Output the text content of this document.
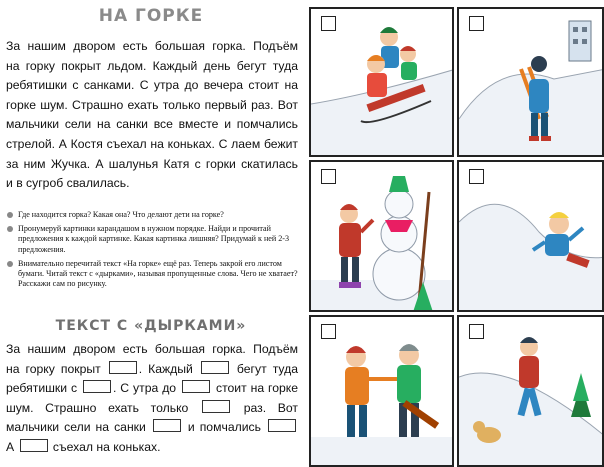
НА ГОРКЕ
За нашим двором есть большая горка. Подъём
на горку покрыт льдом. Каждый день бегут туда
ребятишки с санками. С утра до вечера стоит на
горке шум. Страшно ехать только первый раз. Вот
мальчики сели на санки все вместе и помчались
стрелой. А Костя съехал на коньках. С лаем бежит
за ним Жучка. А шалунья Катя с горки скатилась
и в сугроб свалилась.
Где находится горка? Какая она? Что делают дети на горке?
Пронумеруй картинки карандашом в нужном порядке. Найди и прочитай предложения к каждой картинке. Какая картинка лишняя? Придумай к ней 2-3 предложения.
Внимательно перечитай текст «На горке» ещё раз. Теперь закрой его листом бумаги. Читай текст с «дырками», называя пропущенные слова. Чего не хватает? Расскажи сам по рисунку.
ТЕКСТ С «ДЫРКАМИ»
За нашим двором есть большая горка. Подъём
на горку покрыт	. Каждый	бегут туда
ребятишки с	. С утра до	стоит на горке
шум. Страшно ехать только	раз. Вот
мальчики сели на санки	и помчались
А	съехал на коньках.
